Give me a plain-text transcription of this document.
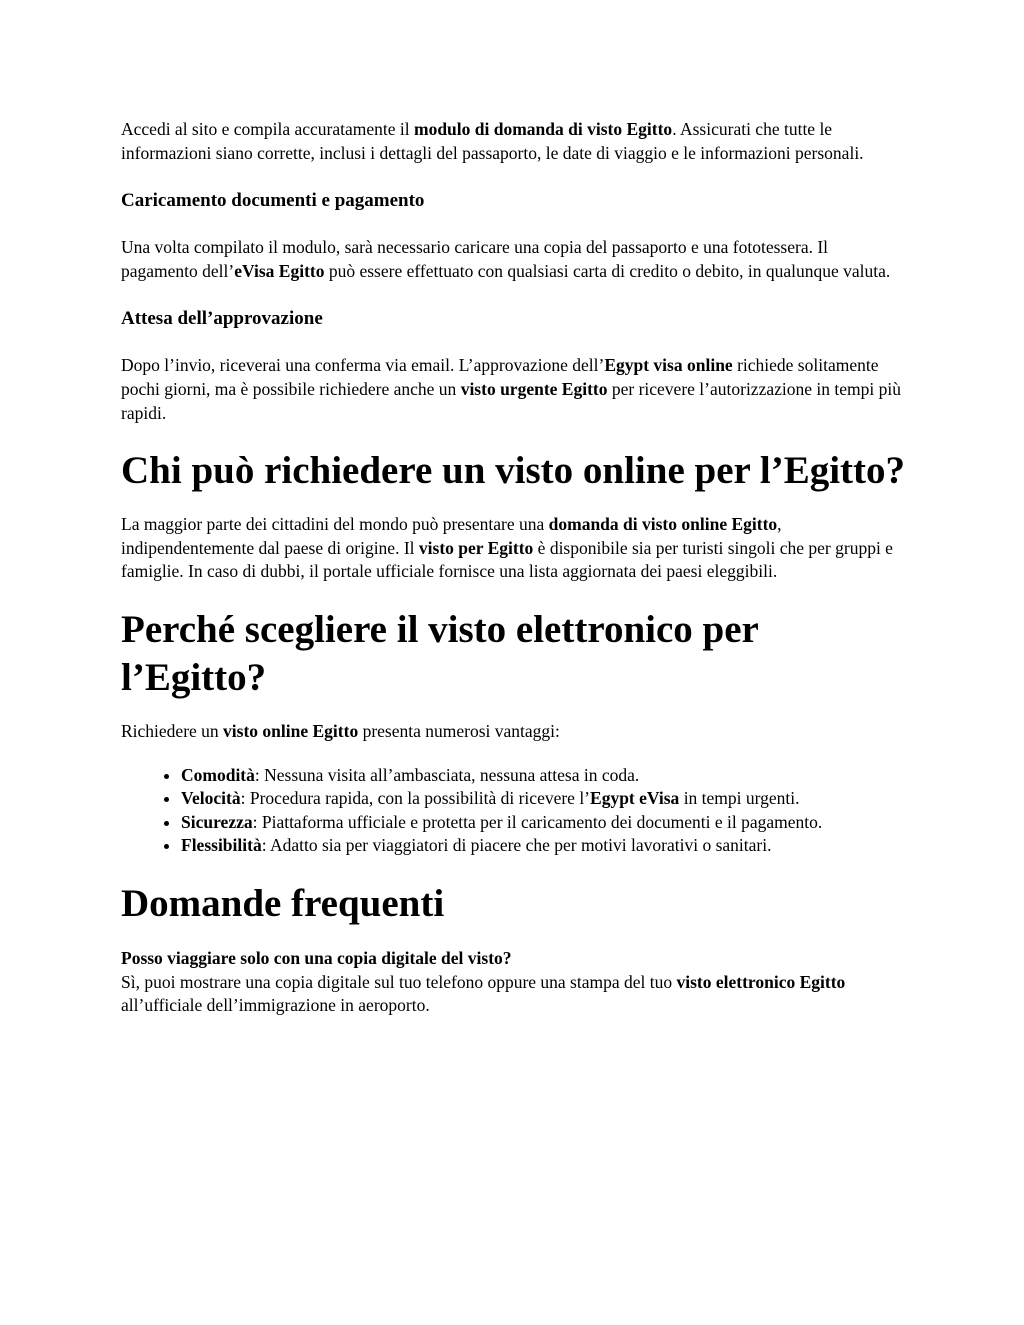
Accedi al sito e compila accuratamente il modulo di domanda di visto Egitto. Assicurati che tutte le informazioni siano corrette, inclusi i dettagli del passaporto, le date di viaggio e le informazioni personali.

Caricamento documenti e pagamento

Una volta compilato il modulo, sarà necessario caricare una copia del passaporto e una fototessera. Il pagamento dell’eVisa Egitto può essere effettuato con qualsiasi carta di credito o debito, in qualunque valuta.

Attesa dell’approvazione

Dopo l’invio, riceverai una conferma via email. L’approvazione dell’Egypt visa online richiede solitamente pochi giorni, ma è possibile richiedere anche un visto urgente Egitto per ricevere l’autorizzazione in tempi più rapidi.

Chi può richiedere un visto online per l’Egitto?

La maggior parte dei cittadini del mondo può presentare una domanda di visto online Egitto, indipendentemente dal paese di origine. Il visto per Egitto è disponibile sia per turisti singoli che per gruppi e famiglie. In caso di dubbi, il portale ufficiale fornisce una lista aggiornata dei paesi eleggibili.

Perché scegliere il visto elettronico per l’Egitto?

Richiedere un visto online Egitto presenta numerosi vantaggi:

• Comodità: Nessuna visita all’ambasciata, nessuna attesa in coda.
• Velocità: Procedura rapida, con la possibilità di ricevere l’Egypt eVisa in tempi urgenti.
• Sicurezza: Piattaforma ufficiale e protetta per il caricamento dei documenti e il pagamento.
• Flessibilità: Adatto sia per viaggiatori di piacere che per motivi lavorativi o sanitari.
Domande frequenti

Posso viaggiare solo con una copia digitale del visto?

Sì, puoi mostrare una copia digitale sul tuo telefono oppure una stampa del tuo visto elettronico Egitto all’ufficiale dell’immigrazione in aeroporto.
